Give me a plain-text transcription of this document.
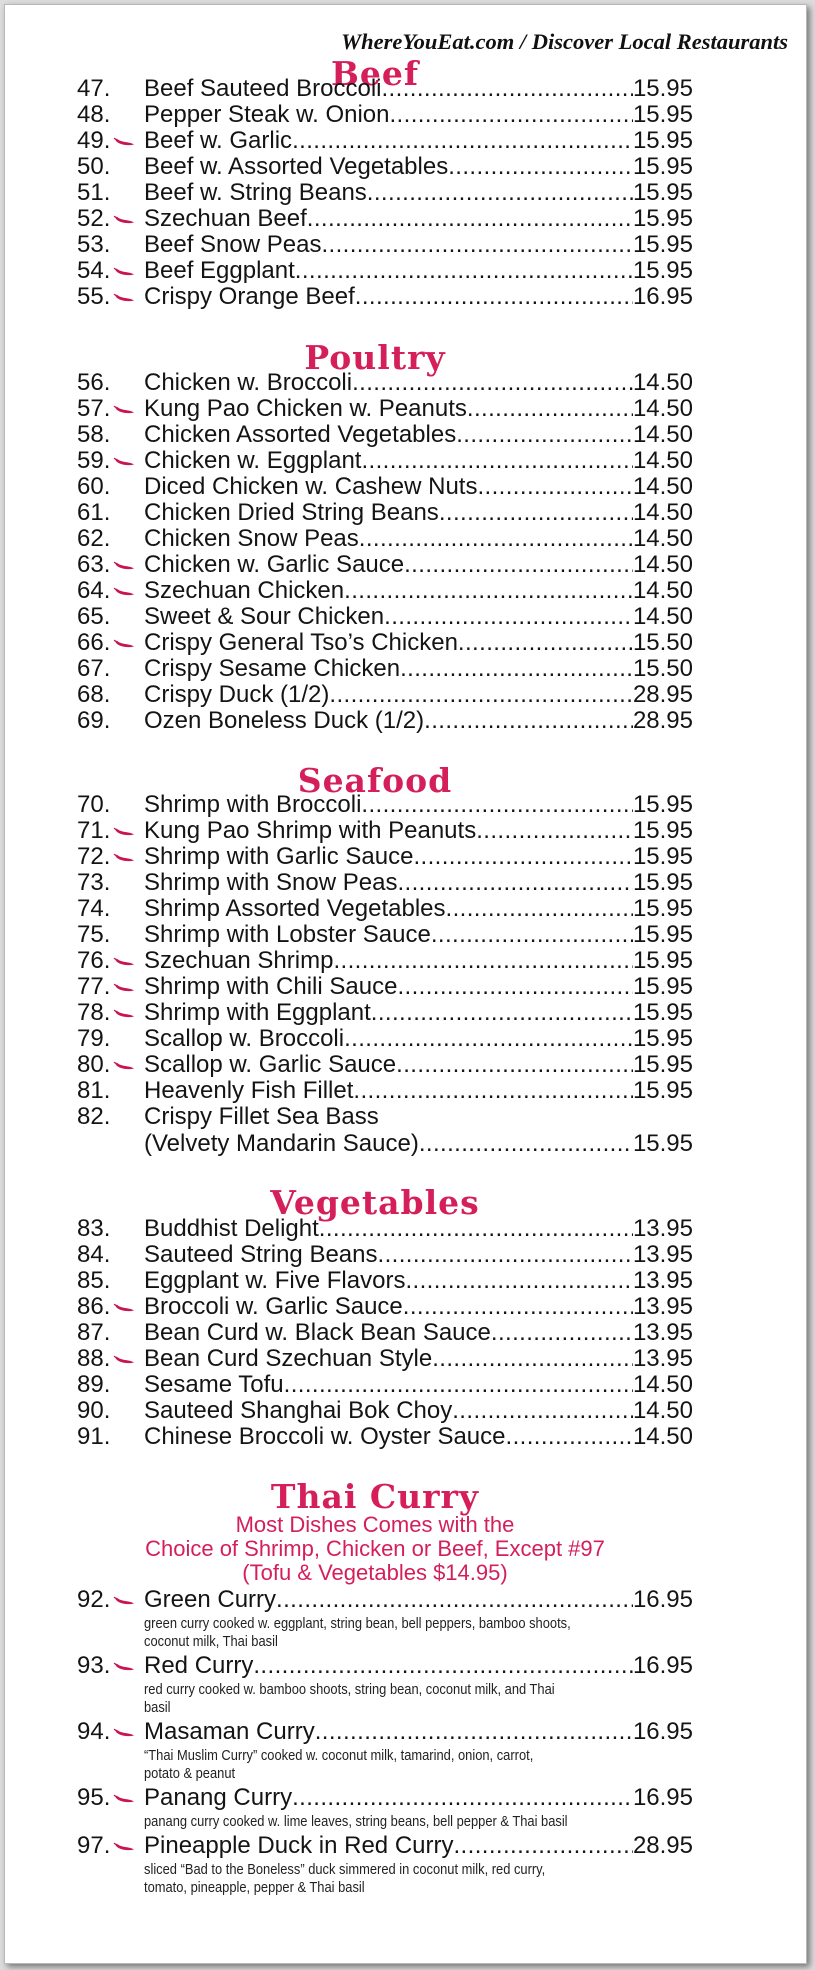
WhereYouEat.com / Discover Local Restaurants
Beef
47. Beef Sauteed Broccoli .....	15.95
48. Pepper Steak w. Onion .....	15.95
49. Beef w. Garlic .....	15.95
50. Beef w. Assorted Vegetables .....	15.95
51. Beef w. String Beans .....	15.95
52. Szechuan Beef .....	15.95
53. Beef Snow Peas .....	15.95
54. Beef Eggplant .....	15.95
55. Crispy Orange Beef .....	16.95
Poultry
56. Chicken w. Broccoli .....	14.50
57. Kung Pao Chicken w. Peanuts .....	14.50
58. Chicken Assorted Vegetables .....	14.50
59. Chicken w. Eggplant .....	14.50
60. Diced Chicken w. Cashew Nuts .....	14.50
61. Chicken Dried String Beans .....	14.50
62. Chicken Snow Peas .....	14.50
63. Chicken w. Garlic Sauce .....	14.50
64. Szechuan Chicken .....	14.50
65. Sweet & Sour Chicken .....	14.50
66. Crispy General Tso’s Chicken .....	15.50
67. Crispy Sesame Chicken .....	15.50
68. Crispy Duck (1/2) .....	28.95
69. Ozen Boneless Duck (1/2) .....	28.95
Seafood
70. Shrimp with Broccoli .....	15.95
71. Kung Pao Shrimp with Peanuts .....	15.95
72. Shrimp with Garlic Sauce .....	15.95
73. Shrimp with Snow Peas .....	15.95
74. Shrimp Assorted Vegetables .....	15.95
75. Shrimp with Lobster Sauce .....	15.95
76. Szechuan Shrimp .....	15.95
77. Shrimp with Chili Sauce .....	15.95
78. Shrimp with Eggplant .....	15.95
79. Scallop w. Broccoli .....	15.95
80. Scallop w. Garlic Sauce .....	15.95
81. Heavenly Fish Fillet .....	15.95
82. Crispy Fillet Sea Bass
(Velvety Mandarin Sauce) .....	15.95
Vegetables
83. Buddhist Delight .....	13.95
84. Sauteed String Beans .....	13.95
85. Eggplant w. Five Flavors .....	13.95
86. Broccoli w. Garlic Sauce .....	13.95
87. Bean Curd w. Black Bean Sauce .....	13.95
88. Bean Curd Szechuan Style .....	13.95
89. Sesame Tofu .....	14.50
90. Sauteed Shanghai Bok Choy .....	14.50
91. Chinese Broccoli w. Oyster Sauce .....	14.50
Thai Curry
Most Dishes Comes with the
Choice of Shrimp, Chicken or Beef, Except #97
(Tofu & Vegetables $14.95)
92. Green Curry .....	16.95
green curry cooked w. eggplant, string bean, bell peppers, bamboo shoots,
coconut milk, Thai basil
93. Red Curry .....	16.95
red curry cooked w. bamboo shoots, string bean, coconut milk, and Thai
basil
94. Masaman Curry .....	16.95
“Thai Muslim Curry” cooked w. coconut milk, tamarind, onion, carrot,
potato & peanut
95. Panang Curry .....	16.95
panang curry cooked w. lime leaves, string beans, bell pepper & Thai basil
97. Pineapple Duck in Red Curry .....	28.95
sliced “Bad to the Boneless” duck simmered in coconut milk, red curry,
tomato, pineapple, pepper & Thai basil
